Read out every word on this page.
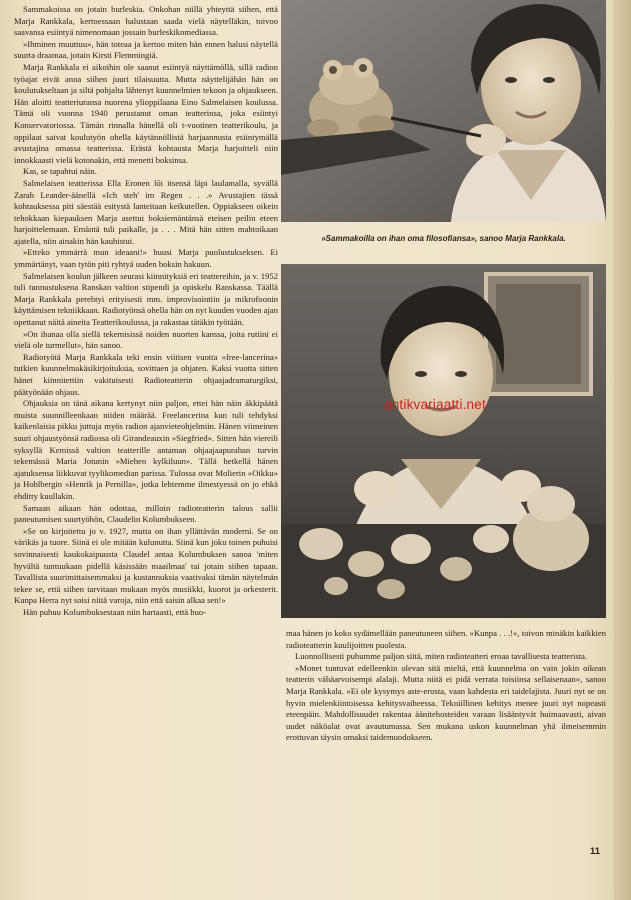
Sammakoissa on jotain burleskia. Onkohan niillä yhteyttä siihen, että Marja Rankkala, kertoessaan halustaan saada vielä näytelläkin, toivoo saavansa esiintyä nimenomaan jossain burleskikomediassa.

»Ihminen muuttuu», hän toteaa ja kertoo miten hän ennen halusi näytellä suurta draamaa, jotain Kirsti Flemmingiä.

Marja Rankkala ei aikoihin ole saanut esiintyä näyttämöllä, sillä radion työajat eivät anna siihen juuri tilaisuutta. Mutta näyttelijähän hän on koulutukseltaan ja siltä pohjalta lähtenyt kuunnelmien tekoon ja ohjaukseen. Hän aloitti teatteriuransa nuorena ylioppilaana Eino Salmelaisen koulussa. Tämä oli vuonna 1940 perustanut oman teatterinsa, joka esiintyi Konservatoriossa. Tämän rinnalla hänellä oli t-vuotinen teatterikoulu, ja oppilaat saivat koulutyön ohella käytännöllistä harjaannusta esiintymällä avustajina omassa teatterissa. Erästä kohtausta Marja harjoitteli niin innokkaasti vielä kotonakin, että menetti boksinsa.

Kas, se tapahtui näin.

Salmelaisen teatterissa Ella Eronen lõi itsensä läpi laulamalla, syvällä Zarah Leander-äänellä »Ich steh' im Regen . . .» Avustajien tässä kohtauksessa piti säestää esitystä lanteitaan keikutellen. Oppiakseen oikein tehokkaan kiepauksen Marja asettui boksiemäntänsä eteisen peilin eteen harjoittelemaan. Emäntä tuli paikalle, ja . . . Mitä hän sitten mahtoikaan ajatella, niin ainakin hän kauhistui.

»Etteko ymmärrä mun ideaani!» huusi Marja puolustukseksen. Ei ymmärtänyt, vaan tytön piti ryhtyä uuden boksin hakuun.

Salmelaisen koulun jälkeen seurasi kiinnityksiä eri teattereihin, ja v. 1952 tuli tunnustuksena Ranskan valtion stipendi ja opiskelu Ranskassa. Täällä Marja Rankkala perehtyi erityisesti mm. improvisointiin ja mikrofoonin käyttämisen tekniikkaan. Radiotyönsä ohella hän on nyt kuuden vuoden ajan opettanut näitä aineita Teatterikoulussa, ja rakastaa tätäkin työtään.

»On ihanaa olla siellä tekemisissä noiden nuorten kanssa, joita rutiini ei vielä ole turmellut», hän sanoo.

Radiotyötä Marja Rankkala teki ensin viitisen vuotta »free-lancerina» tutkien kuunnelmakäsikirjoituksia, sovittaen ja ohjaten. Kaksi vuotta sitten hänet kiinnitettiin vakituisesti Radioteatterin ohjaajadramaturgiksi, päätyönään ohjaus.

Ohjauksia on tänä aikana kertynyt niin paljon, ettei hän näin äkkipäätä muista suunnilleenkaan niiden määrää. Freelancerina kun tuli tehdyksi kaikenlaisia pikku juttuja myös radion ajanvieteohjelmiin. Hänen viimeinen suuri ohjaustyönsä radiossa oli Girandeauxin »Siegfried». Sitten hän viereili syksyllä Kemissä valtion teatterille antaman ohjaajaapurahan turvin tekemässä Maria Jotunin »Miehen kylkiluun». Tällä hetkellä hänen ajatuksensa liikkuvat tyylikomedian parissa. Tulossa ovat Molierin »Oikku» ja Hohlbergin »Henrik ja Pernilla», jotka lehtemme ilmestyessä on jo ehkä ehditty kuullakin.

Samaan aikaan hän odottaa, milloin radioteatterin talous sallii paneutumisen suurtyöhön, Claudelin Kolumbukseen.

»Se on kirjoitettu jo v. 1927, mutta on ihan yllättävän moderni. Se on värikäs ja tuore. Siinä ei ole mitään kulunutta. Siinä kun joku toinen puhuisi sovinnaisesti kaukokaipuusta Claudel antaa Kolumbuksen sanoa 'miten hyvältä tuntuukaan pidellä käsissään maailmaa' tai jotain siihen tapaan. Tavallista suurimittaisemmaksi ja kustannuksia vaativaksi tämän näytelmän tekee se, että siihen tarvitaan mukaan myös musiikki, kuorot ja orkesterit. Kunpa Herra nyt soisi niitä varoja, niin että saisin alkaa sen!»

Hän puhuu Kolumbuksestaan niin hartaasti, että huo-

»Sammakoilla on ihan oma filosofiansa», sanoo Marja Rankkala.
antikvariaatti.net

maa hänen jo koko sydämellään paneutuneen siihen. »Kunpa . . .!», toivon minäkin kaikkien radioteatterin kuulijoitten puolesta.

Luonnollisesti puhumme paljon siitä, miten radioteatteri eroaa tavallisesta teatterista.

»Monet tuntuvat edelleenkin olevan sitä mieltä, että kuunnelma on vain jokin oikean teatterin vähäarvoisempi alalaji. Mutta niitä ei pidä verrata toisiinsa sellaisenaan», sanoo Marja Rankkala. »Ei ole kysymys aste-erosta, vaan kahdesta eri taidelajista. Juuri nyt se on hyvin mielenkiintoisessa kehitysvaiheessa. Tekniillinen kehitys menee juuri nyt nopeasti eteenpäin. Mahdollisuudet rakentaa äänitehosteiden varaan lisääntyvät huimaavasti, aivan uudet näköalat ovat avautumassa. Sen mukana uskon kuunnelman yhä ilmeisemmin erottuvan täysin omaksi taidemuodokseen.

11
